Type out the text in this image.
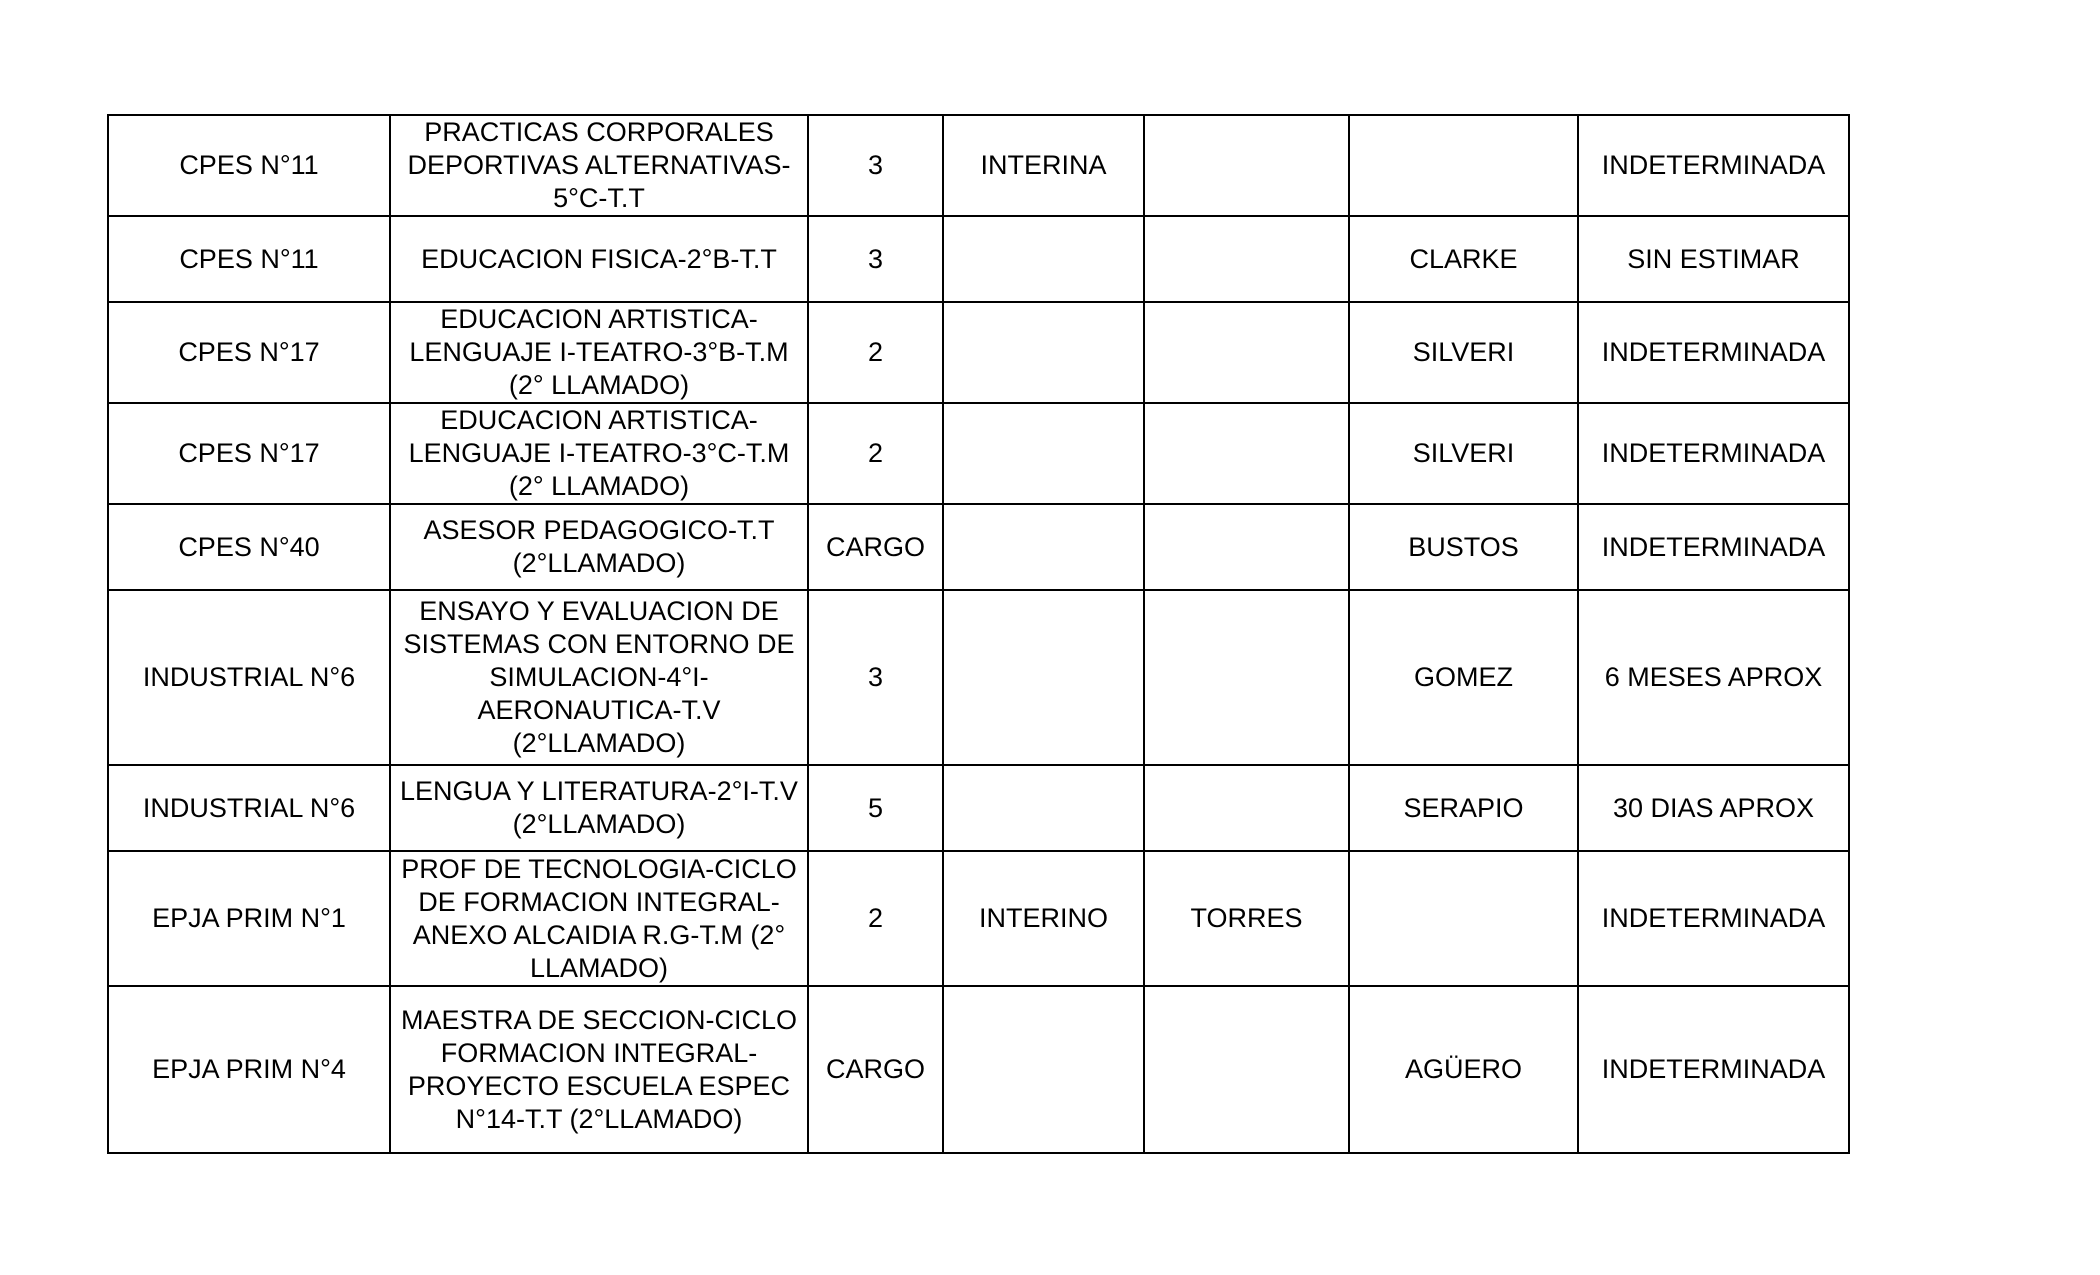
CPES N°11	PRACTICAS CORPORALES DEPORTIVAS ALTERNATIVAS-5°C-T.T	3	INTERINA			INDETERMINADA
CPES N°11	EDUCACION FISICA-2°B-T.T	3			CLARKE	SIN ESTIMAR
CPES N°17	EDUCACION ARTISTICA-LENGUAJE I-TEATRO-3°B-T.M (2° LLAMADO)	2			SILVERI	INDETERMINADA
CPES N°17	EDUCACION ARTISTICA-LENGUAJE I-TEATRO-3°C-T.M (2° LLAMADO)	2			SILVERI	INDETERMINADA
CPES N°40	ASESOR PEDAGOGICO-T.T (2°LLAMADO)	CARGO			BUSTOS	INDETERMINADA
INDUSTRIAL N°6	ENSAYO Y EVALUACION DE SISTEMAS CON ENTORNO DE SIMULACION-4°I-AERONAUTICA-T.V (2°LLAMADO)	3			GOMEZ	6 MESES APROX
INDUSTRIAL N°6	LENGUA Y LITERATURA-2°I-T.V (2°LLAMADO)	5			SERAPIO	30 DIAS APROX
EPJA PRIM N°1	PROF DE TECNOLOGIA-CICLO DE FORMACION INTEGRAL-ANEXO ALCAIDIA R.G-T.M (2° LLAMADO)	2	INTERINO	TORRES		INDETERMINADA
EPJA PRIM N°4	MAESTRA DE SECCION-CICLO FORMACION INTEGRAL-PROYECTO ESCUELA ESPEC N°14-T.T (2°LLAMADO)	CARGO			AGÜERO	INDETERMINADA
